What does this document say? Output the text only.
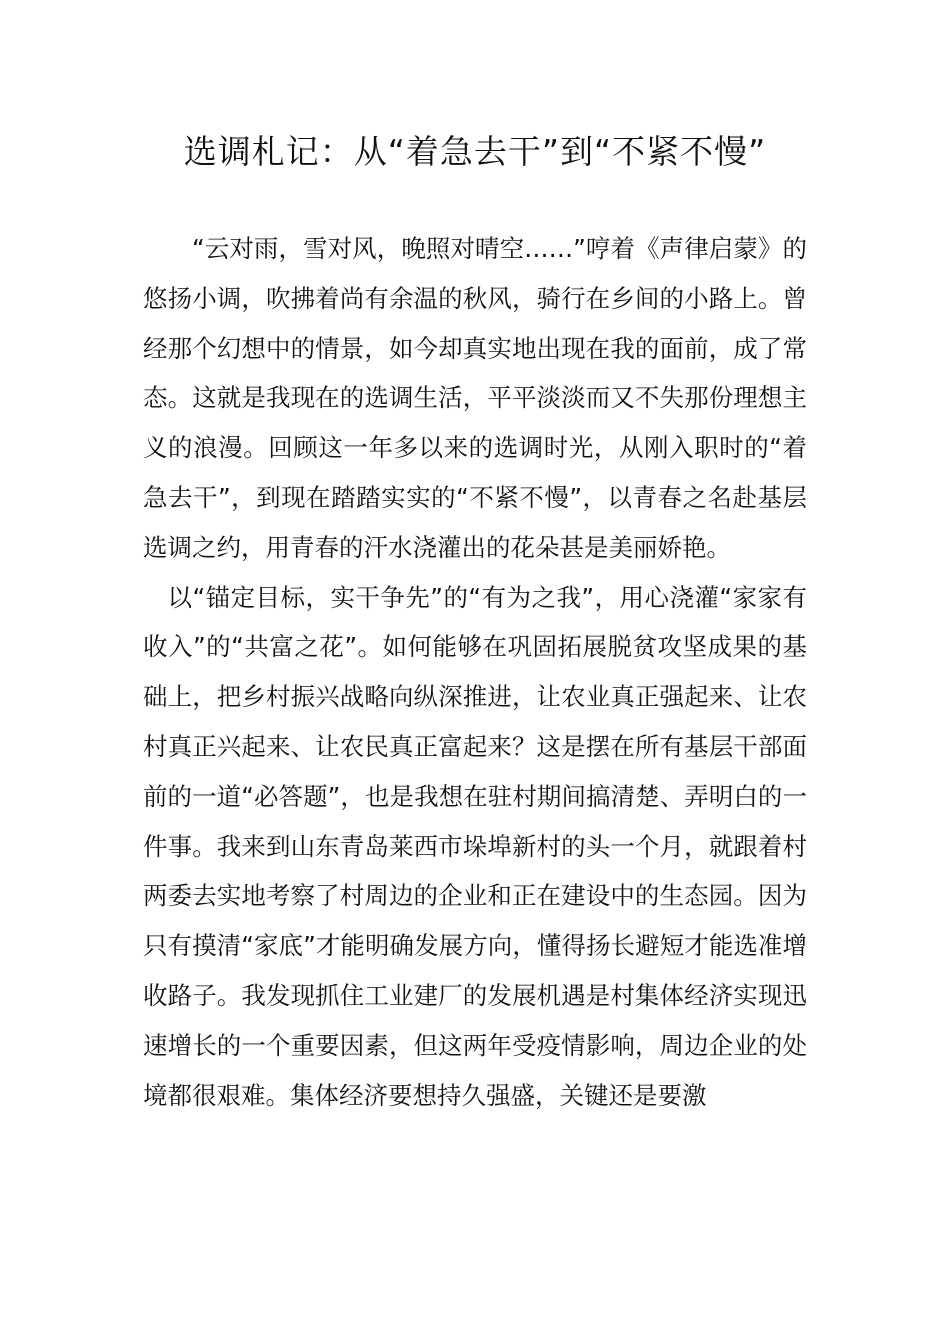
选调札记：从“着急去干”到“不紧不慢”

“云对雨，雪对风，晚照对晴空……”哼着《声律启蒙》的悠扬小调，吹拂着尚有余温的秋风，骑行在乡间的小路上。曾经那个幻想中的情景，如今却真实地出现在我的面前，成了常态。这就是我现在的选调生活，平平淡淡而又不失那份理想主义的浪漫。回顾这一年多以来的选调时光，从刚入职时的“着急去干”，到现在踏踏实实的“不紧不慢”，以青春之名赴基层选调之约，用青春的汗水浇灌出的花朵甚是美丽娇艳。

以“锚定目标，实干争先”的“有为之我”，用心浇灌“家家有收入”的“共富之花”。如何能够在巩固拓展脱贫攻坚成果的基础上，把乡村振兴战略向纵深推进，让农业真正强起来、让农村真正兴起来、让农民真正富起来？这是摆在所有基层干部面前的一道“必答题”，也是我想在驻村期间搞清楚、弄明白的一件事。我来到山东青岛莱西市垛埠新村的头一个月，就跟着村两委去实地考察了村周边的企业和正在建设中的生态园。因为只有摸清“家底”才能明确发展方向，懂得扬长避短才能选准增收路子。我发现抓住工业建厂的发展机遇是村集体经济实现迅速增长的一个重要因素，但这两年受疫情影响，周边企业的处境都很艰难。集体经济要想持久强盛，关键还是要激
